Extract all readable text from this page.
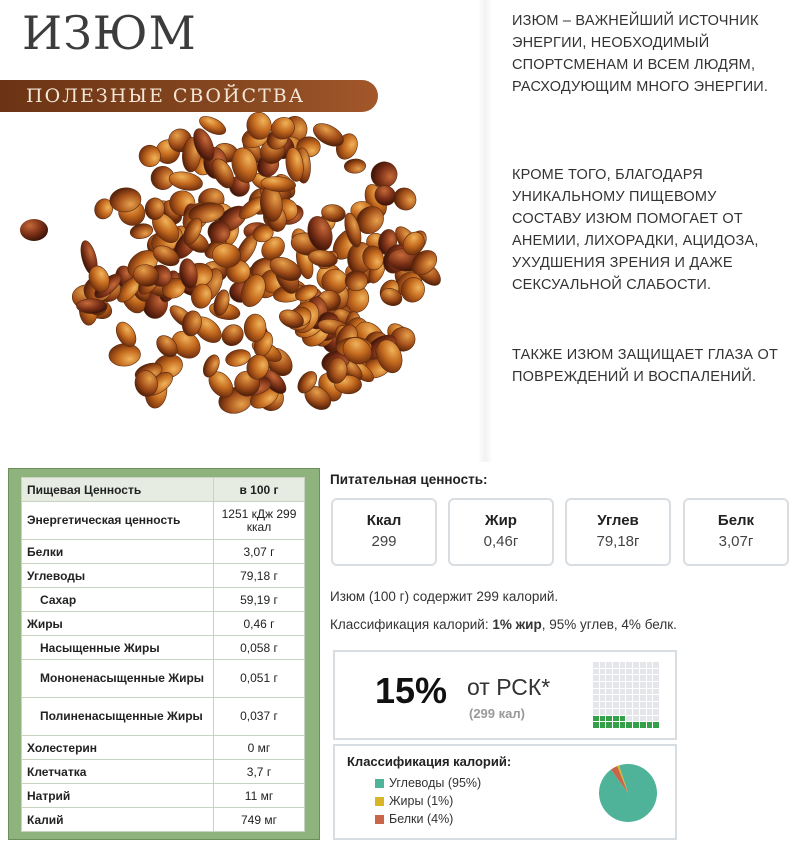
ИЗЮМ
ПОЛЕЗНЫЕ СВОЙСТВА
ИЗЮМ – ВАЖНЕЙШИЙ ИСТОЧНИК ЭНЕРГИИ, НЕОБХОДИМЫЙ СПОРТСМЕНАМ И ВСЕМ ЛЮДЯМ, РАСХОДУЮЩИМ МНОГО ЭНЕРГИИ.
КРОМЕ ТОГО, БЛАГОДАРЯ УНИКАЛЬНОМУ ПИЩЕВОМУ СОСТАВУ ИЗЮМ ПОМОГАЕТ ОТ АНЕМИИ, ЛИХОРАДКИ, АЦИДОЗА, УХУДШЕНИЯ ЗРЕНИЯ И ДАЖЕ СЕКСУАЛЬНОЙ СЛАБОСТИ.
ТАКЖЕ ИЗЮМ ЗАЩИЩАЕТ ГЛАЗА ОТ ПОВРЕЖДЕНИЙ И ВОСПАЛЕНИЙ.
Пищевая Ценность	в 100 г
Энергетическая ценность	1251 кДж 299 ккал
Белки	3,07 г
Углеводы	79,18 г
Сахар	59,19 г
Жиры	0,46 г
Насыщенные Жиры	0,058 г
Мононенасыщенные Жиры	0,051 г
Полиненасыщенные Жиры	0,037 г
Холестерин	0 мг
Клетчатка	3,7 г
Натрий	11 мг
Калий	749 мг
Питательная ценность:
Ккал
299
Жир
0,46г
Углев
79,18г
Белк
3,07г
Изюм (100 г) содержит 299 калорий.
Классификация калорий: 1% жир, 95% углев, 4% белк.
15% от РСК*
(299 кал)
Классификация калорий:
Углеводы (95%)
Жиры (1%)
Белки (4%)
